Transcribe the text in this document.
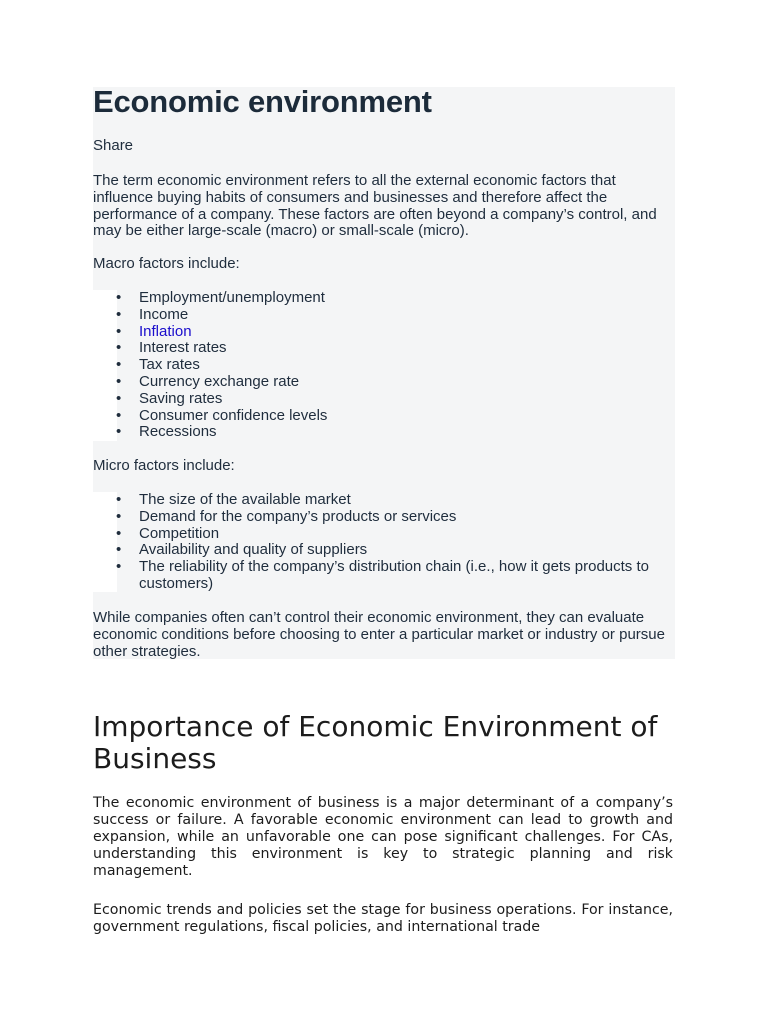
Economic environment

Share

The term economic environment refers to all the external economic factors that influence buying habits of consumers and businesses and therefore affect the performance of a company. These factors are often beyond a company’s control, and may be either large-scale (macro) or small-scale (micro).

Macro factors include:

• Employment/unemployment
• Income
• Inflation
• Interest rates
• Tax rates
• Currency exchange rate
• Saving rates
• Consumer confidence levels
• Recessions

Micro factors include:

• The size of the available market
• Demand for the company’s products or services
• Competition
• Availability and quality of suppliers
• The reliability of the company’s distribution chain (i.e., how it gets products to customers)

While companies often can’t control their economic environment, they can evaluate economic conditions before choosing to enter a particular market or industry or pursue other strategies.

Importance of Economic Environment of Business

The economic environment of business is a major determinant of a company’s success or failure. A favorable economic environment can lead to growth and expansion, while an unfavorable one can pose significant challenges. For CAs, understanding this environment is key to strategic planning and risk management.

Economic trends and policies set the stage for business operations. For instance, government regulations, fiscal policies, and international trade
